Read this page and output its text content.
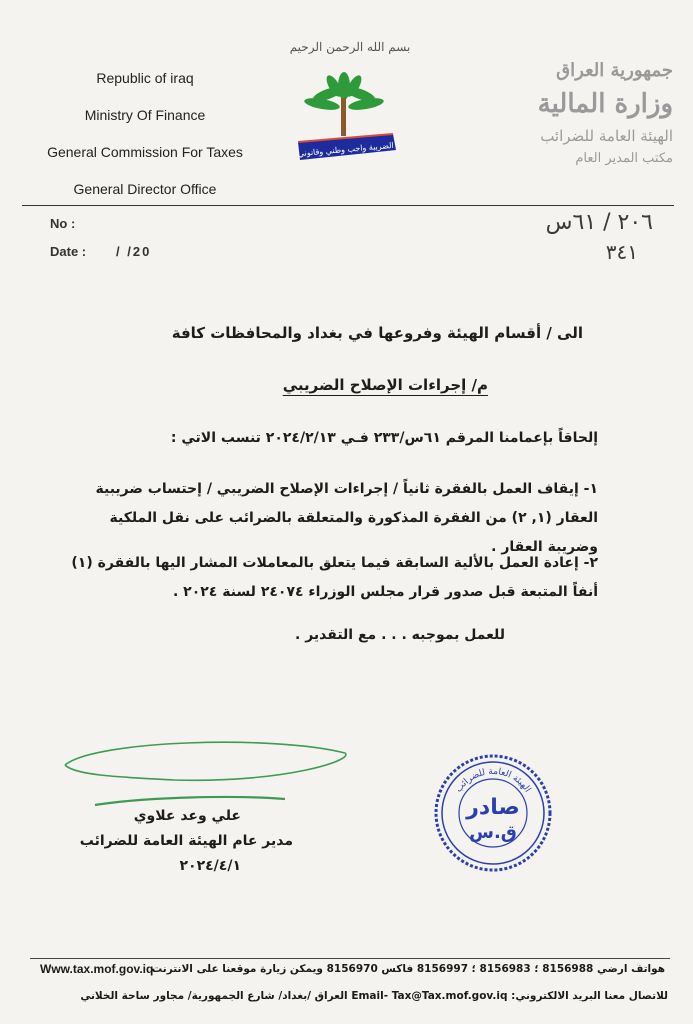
Republic of iraq
Ministry Of Finance
General Commission For Taxes
General Director Office
بسم الله الرحمن الرحيم
الضريبة واجب وطني وقانوني
جمهورية العراق
وزارة المالية
الهيئة العامة للضرائب
مكتب المدير العام
No :
Date : / /20
٢٠٦ / ٦١س
٣٤١
الى / أقسام الهيئة وفروعها في بغداد والمحافظات كافة
م/ إجراءات الإصلاح الضريبي
إلحاقاً بإعمامنا المرقم ٦١س/٢٣٣ فـي ٢٠٢٤/٢/١٣ تنسب الاتي :
١- إيقاف العمل بالفقرة ثانياً / إجراءات الإصلاح الضريبي / إحتساب ضريبية العقار (١, ٢) من الفقرة المذكورة والمتعلقة بالضرائب على نقل الملكية وضريبة العقار .
٢- إعادة العمل بالألية السابقة فيما يتعلق بالمعاملات المشار اليها بالفقرة (١) أنفاً المتبعة قبل صدور قرار مجلس الوزراء ٢٤٠٧٤ لسنة ٢٠٢٤ .
للعمل بموجبه . . . مع التقدير .
علي وعد علاوي
مدير عام الهيئة العامة للضرائب
٢٠٢٤/٤/١
الهيئة العامة للضرائب
صادر
ق.س
Www.tax.mof.gov.iq
هواتف ارضي 8156988 ؛ 8156983 ؛ 8156997 فاكس 8156970 ويمكن زيارة موقعنا على الانترنت
للاتصال معنا البريد الالكتروني: Email- Tax@Tax.mof.gov.iq العراق /بغداد/ شارع الجمهورية/ مجاور ساحة الخلاني
